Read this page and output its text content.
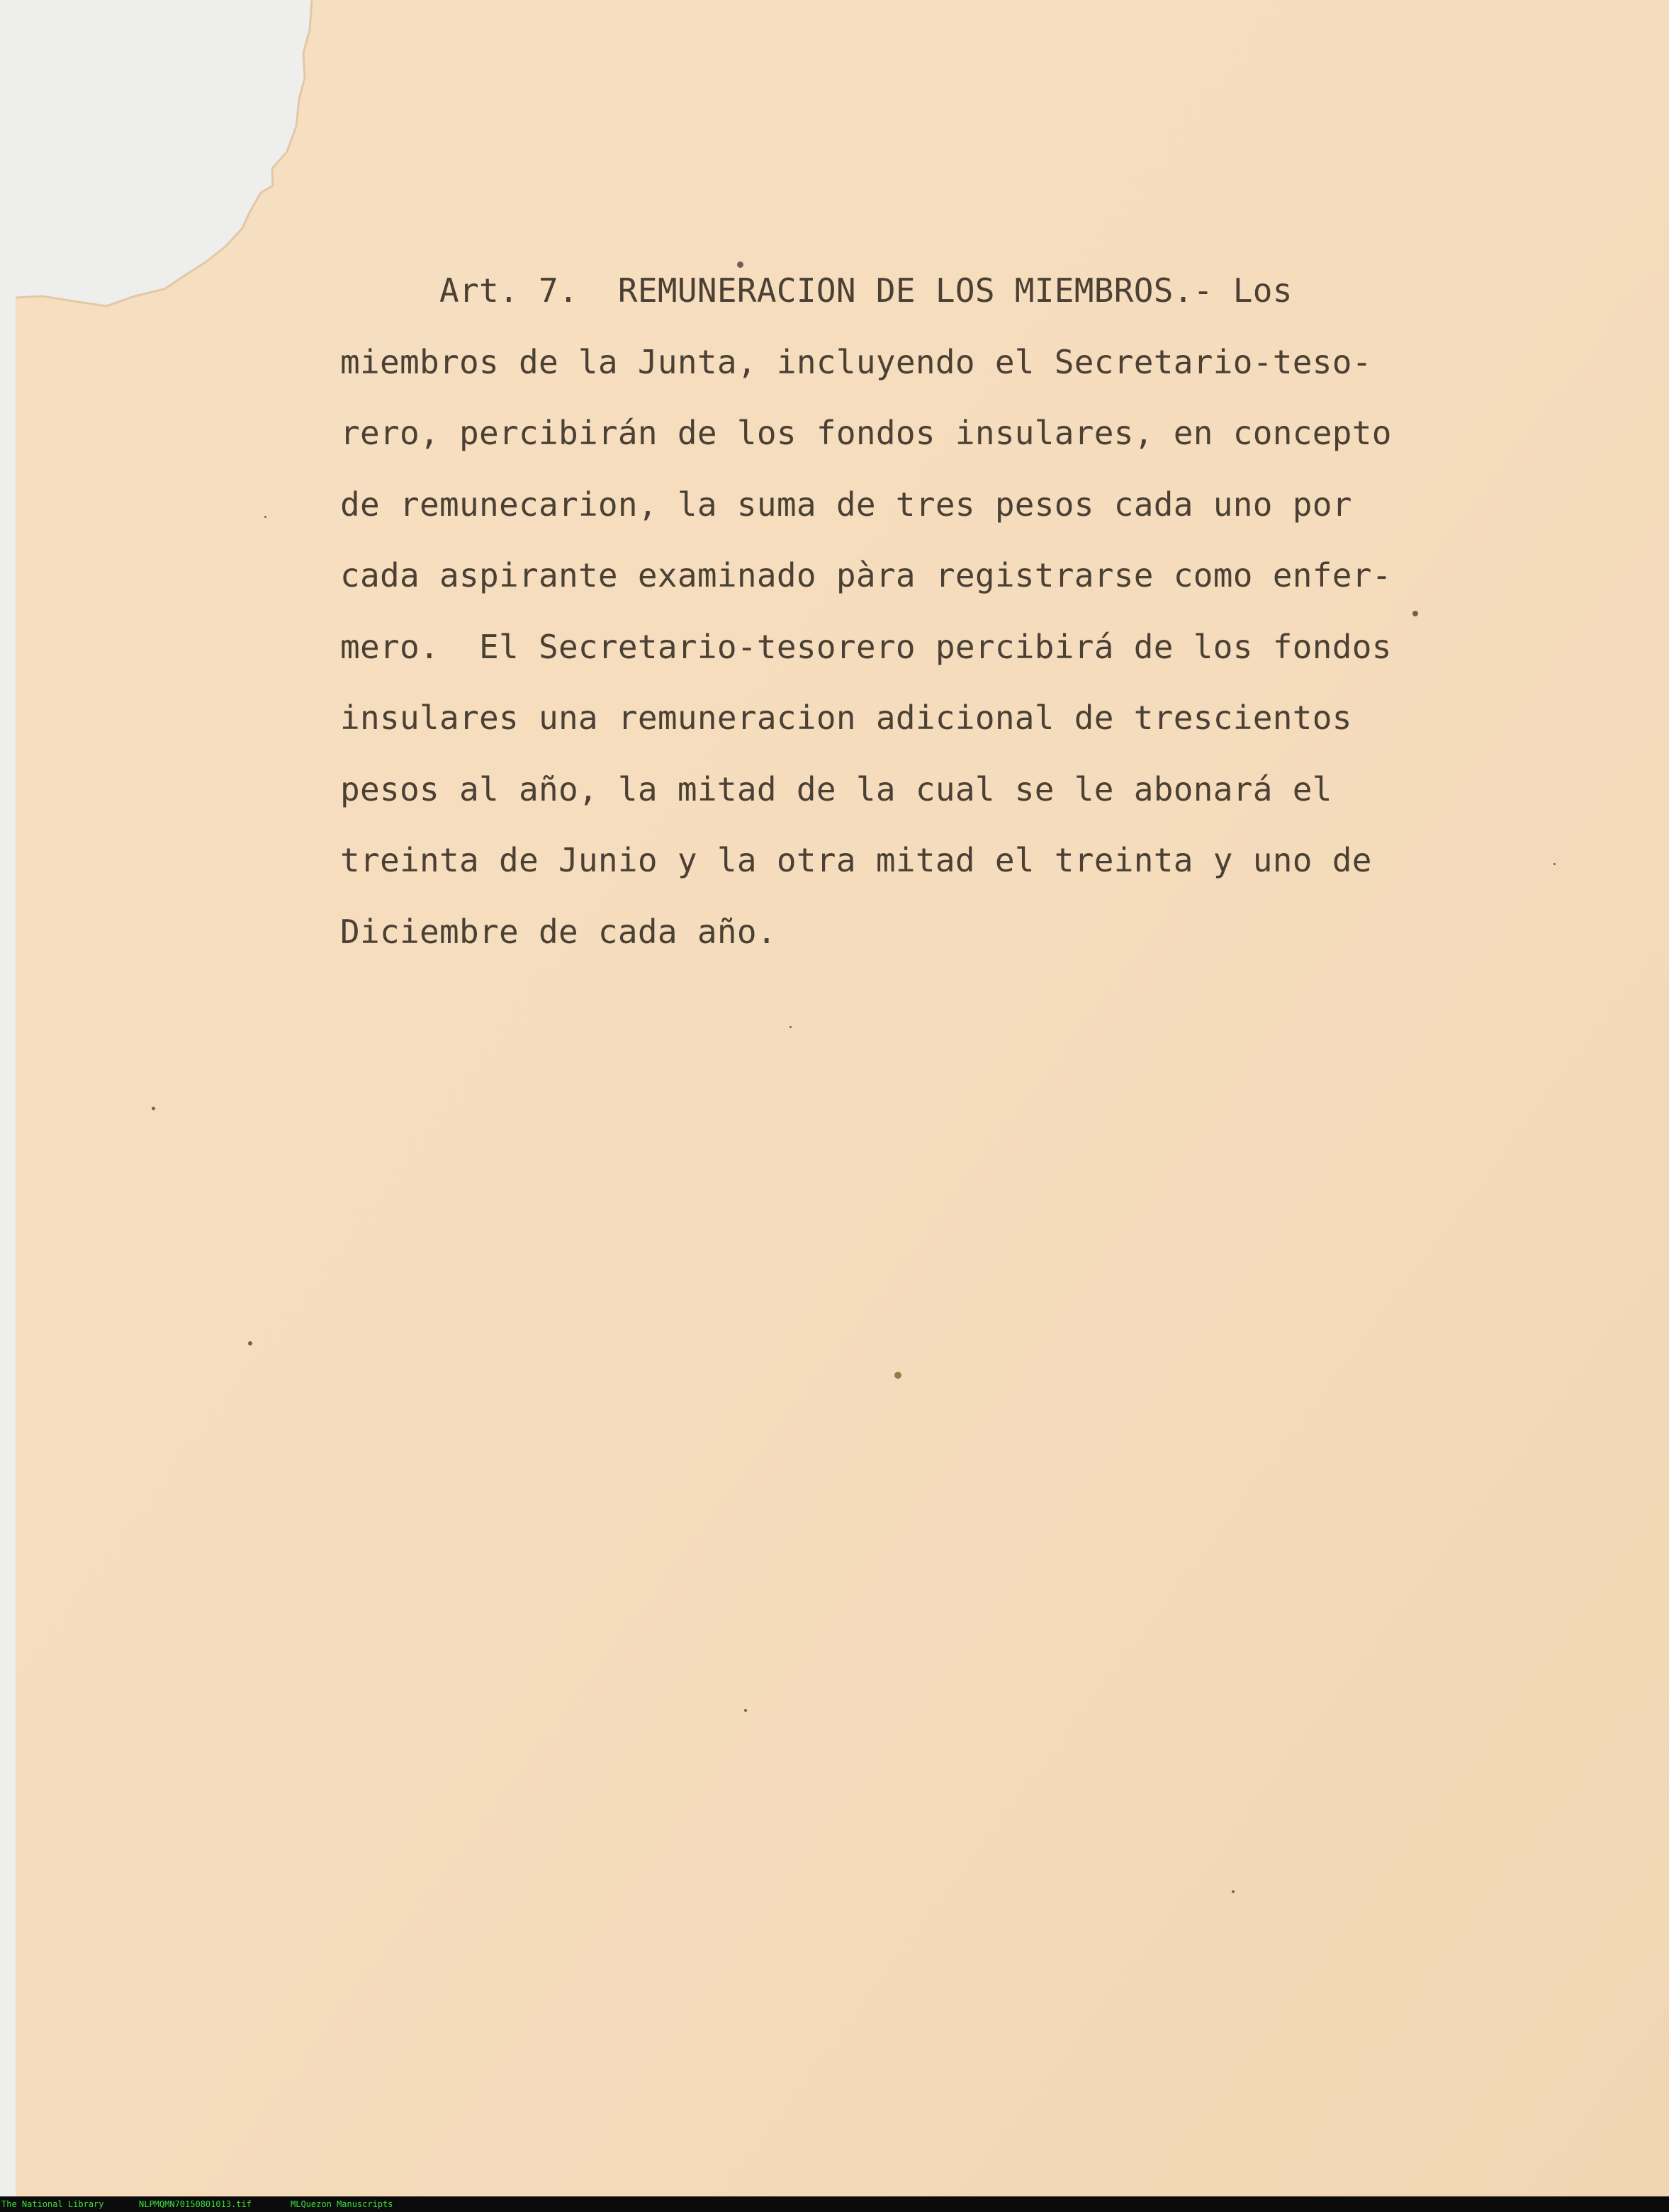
Art. 7.  REMUNERACION DE LOS MIEMBROS.- Los
miembros de la Junta, incluyendo el Secretario-teso-
rero, percibirán de los fondos insulares, en concepto
de remunecarion, la suma de tres pesos cada uno por
cada aspirante examinado pàra registrarse como enfer-
mero.  El Secretario-tesorero percibirá de los fondos
insulares una remuneracion adicional de trescientos
pesos al año, la mitad de la cual se le abonará el
treinta de Junio y la otra mitad el treinta y uno de
Diciembre de cada año.
The National Library	NLPMQMN70150801013.tif	MLQuezon Manuscripts
